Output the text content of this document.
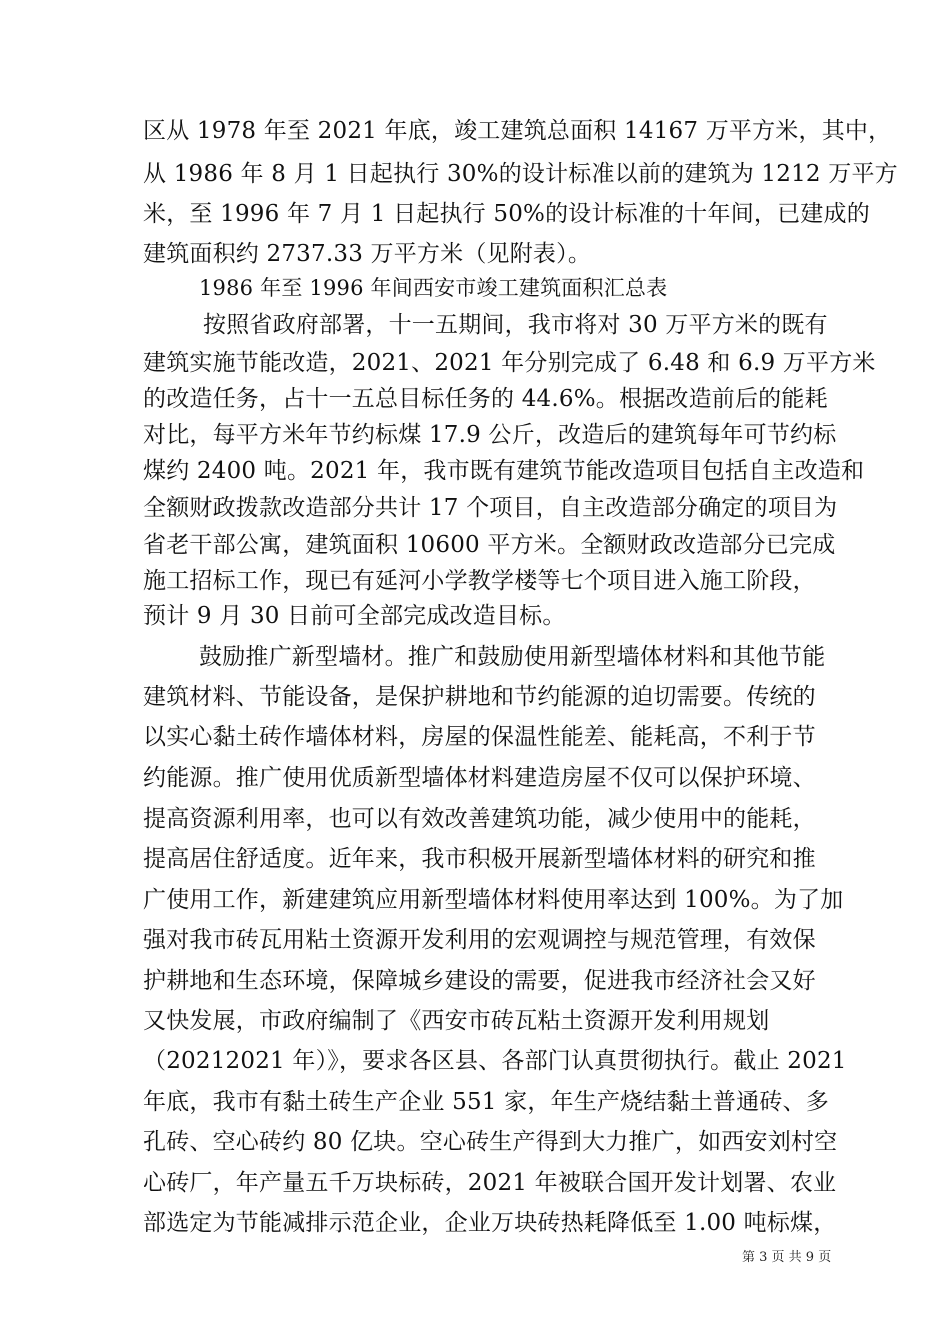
区从 1978 年至 2021 年底，竣工建筑总面积 14167 万平方米，其中，
从 1986 年 8 月 1 日起执行 30%的设计标准以前的建筑为 1212 万平方
米，至 1996 年 7 月 1 日起执行 50%的设计标准的十年间，已建成的
建筑面积约 2737.33 万平方米（见附表）。
1986 年至 1996 年间西安市竣工建筑面积汇总表
按照省政府部署，十一五期间，我市将对 30 万平方米的既有
建筑实施节能改造，2021、2021 年分别完成了 6.48 和 6.9 万平方米
的改造任务，占十一五总目标任务的 44.6%。根据改造前后的能耗
对比，每平方米年节约标煤 17.9 公斤，改造后的建筑每年可节约标
煤约 2400 吨。2021 年，我市既有建筑节能改造项目包括自主改造和
全额财政拨款改造部分共计 17 个项目，自主改造部分确定的项目为
省老干部公寓，建筑面积 10600 平方米。全额财政改造部分已完成
施工招标工作，现已有延河小学教学楼等七个项目进入施工阶段，
预计 9 月 30 日前可全部完成改造目标。
鼓励推广新型墙材。推广和鼓励使用新型墙体材料和其他节能
建筑材料、节能设备，是保护耕地和节约能源的迫切需要。传统的
以实心黏土砖作墙体材料，房屋的保温性能差、能耗高，不利于节
约能源。推广使用优质新型墙体材料建造房屋不仅可以保护环境、
提高资源利用率，也可以有效改善建筑功能，减少使用中的能耗，
提高居住舒适度。近年来，我市积极开展新型墙体材料的研究和推
广使用工作，新建建筑应用新型墙体材料使用率达到 100%。为了加
强对我市砖瓦用粘土资源开发利用的宏观调控与规范管理，有效保
护耕地和生态环境，保障城乡建设的需要，促进我市经济社会又好
又快发展，市政府编制了《西安市砖瓦粘土资源开发利用规划
（20212021 年）》，要求各区县、各部门认真贯彻执行。截止 2021
年底，我市有黏土砖生产企业 551 家，年生产烧结黏土普通砖、多
孔砖、空心砖约 80 亿块。空心砖生产得到大力推广，如西安刘村空
心砖厂，年产量五千万块标砖，2021 年被联合国开发计划署、农业
部选定为节能减排示范企业，企业万块砖热耗降低至 1.00 吨标煤，
第 3 页 共 9 页
